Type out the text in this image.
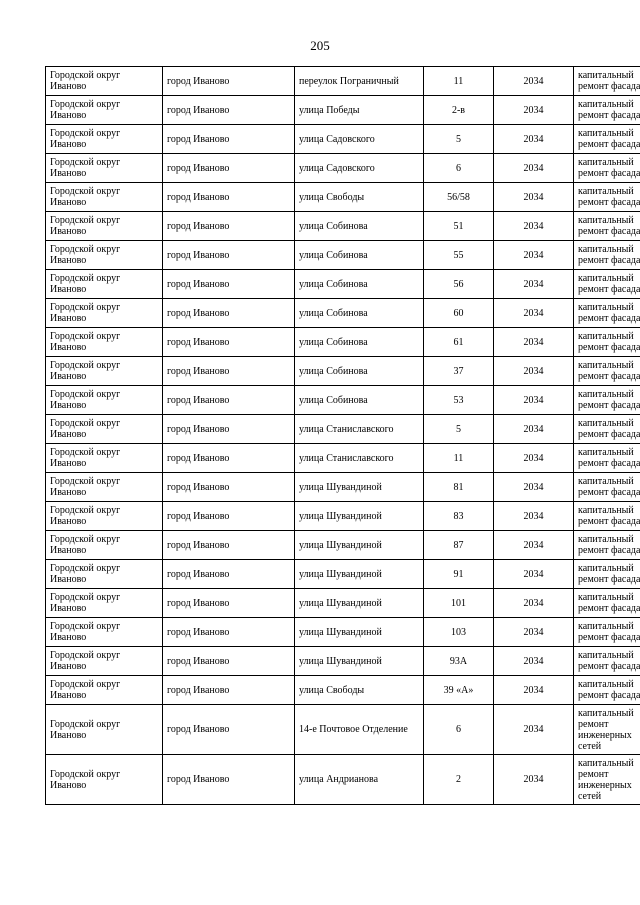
205
Городской округ Иваново	город Иваново	переулок Пограничный	11	2034	капитальный ремонт фасада
Городской округ Иваново	город Иваново	улица Победы	2-в	2034	капитальный ремонт фасада
Городской округ Иваново	город Иваново	улица Садовского	5	2034	капитальный ремонт фасада
Городской округ Иваново	город Иваново	улица Садовского	6	2034	капитальный ремонт фасада
Городской округ Иваново	город Иваново	улица Свободы	56/58	2034	капитальный ремонт фасада
Городской округ Иваново	город Иваново	улица Собинова	51	2034	капитальный ремонт фасада
Городской округ Иваново	город Иваново	улица Собинова	55	2034	капитальный ремонт фасада
Городской округ Иваново	город Иваново	улица Собинова	56	2034	капитальный ремонт фасада
Городской округ Иваново	город Иваново	улица Собинова	60	2034	капитальный ремонт фасада
Городской округ Иваново	город Иваново	улица Собинова	61	2034	капитальный ремонт фасада
Городской округ Иваново	город Иваново	улица Собинова	37	2034	капитальный ремонт фасада
Городской округ Иваново	город Иваново	улица Собинова	53	2034	капитальный ремонт фасада
Городской округ Иваново	город Иваново	улица Станиславского	5	2034	капитальный ремонт фасада
Городской округ Иваново	город Иваново	улица Станиславского	11	2034	капитальный ремонт фасада
Городской округ Иваново	город Иваново	улица Шувандиной	81	2034	капитальный ремонт фасада
Городской округ Иваново	город Иваново	улица Шувандиной	83	2034	капитальный ремонт фасада
Городской округ Иваново	город Иваново	улица Шувандиной	87	2034	капитальный ремонт фасада
Городской округ Иваново	город Иваново	улица Шувандиной	91	2034	капитальный ремонт фасада
Городской округ Иваново	город Иваново	улица Шувандиной	101	2034	капитальный ремонт фасада
Городской округ Иваново	город Иваново	улица Шувандиной	103	2034	капитальный ремонт фасада
Городской округ Иваново	город Иваново	улица Шувандиной	93А	2034	капитальный ремонт фасада
Городской округ Иваново	город Иваново	улица Свободы	39 «А»	2034	капитальный ремонт фасада
Городской округ Иваново	город Иваново	14-е Почтовое Отделение	6	2034	капитальный ремонт инженерных сетей
Городской округ Иваново	город Иваново	улица Андрианова	2	2034	капитальный ремонт инженерных сетей
